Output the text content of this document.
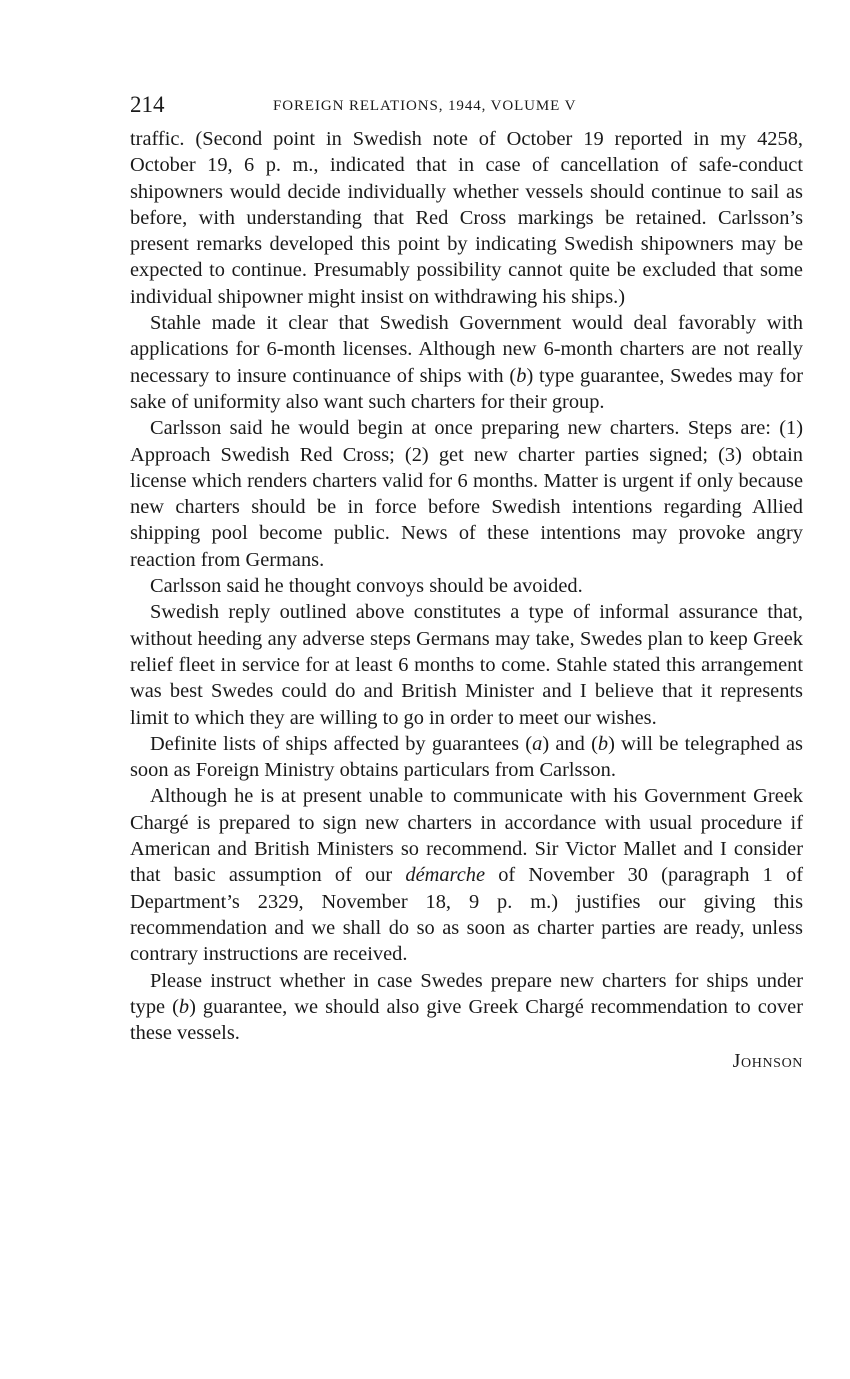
214	FOREIGN RELATIONS, 1944, VOLUME V

traffic. (Second point in Swedish note of October 19 reported in my 4258, October 19, 6 p. m., indicated that in case of cancellation of safe-conduct shipowners would decide individually whether vessels should continue to sail as before, with understanding that Red Cross markings be retained. Carlsson’s present remarks developed this point by indicating Swedish shipowners may be expected to continue. Presumably possibility cannot quite be excluded that some individual shipowner might insist on withdrawing his ships.)

Stahle made it clear that Swedish Government would deal favorably with applications for 6-month licenses. Although new 6-month charters are not really necessary to insure continuance of ships with (b) type guarantee, Swedes may for sake of uniformity also want such charters for their group.

Carlsson said he would begin at once preparing new charters. Steps are: (1) Approach Swedish Red Cross; (2) get new charter parties signed; (3) obtain license which renders charters valid for 6 months. Matter is urgent if only because new charters should be in force before Swedish intentions regarding Allied shipping pool become public. News of these intentions may provoke angry reaction from Germans.

Carlsson said he thought convoys should be avoided.

Swedish reply outlined above constitutes a type of informal assurance that, without heeding any adverse steps Germans may take, Swedes plan to keep Greek relief fleet in service for at least 6 months to come. Stahle stated this arrangement was best Swedes could do and British Minister and I believe that it represents limit to which they are willing to go in order to meet our wishes.

Definite lists of ships affected by guarantees (a) and (b) will be telegraphed as soon as Foreign Ministry obtains particulars from Carlsson.

Although he is at present unable to communicate with his Government Greek Chargé is prepared to sign new charters in accordance with usual procedure if American and British Ministers so recommend. Sir Victor Mallet and I consider that basic assumption of our démarche of November 30 (paragraph 1 of Department’s 2329, November 18, 9 p. m.) justifies our giving this recommendation and we shall do so as soon as charter parties are ready, unless contrary instructions are received.

Please instruct whether in case Swedes prepare new charters for ships under type (b) guarantee, we should also give Greek Chargé recommendation to cover these vessels.

Johnson
